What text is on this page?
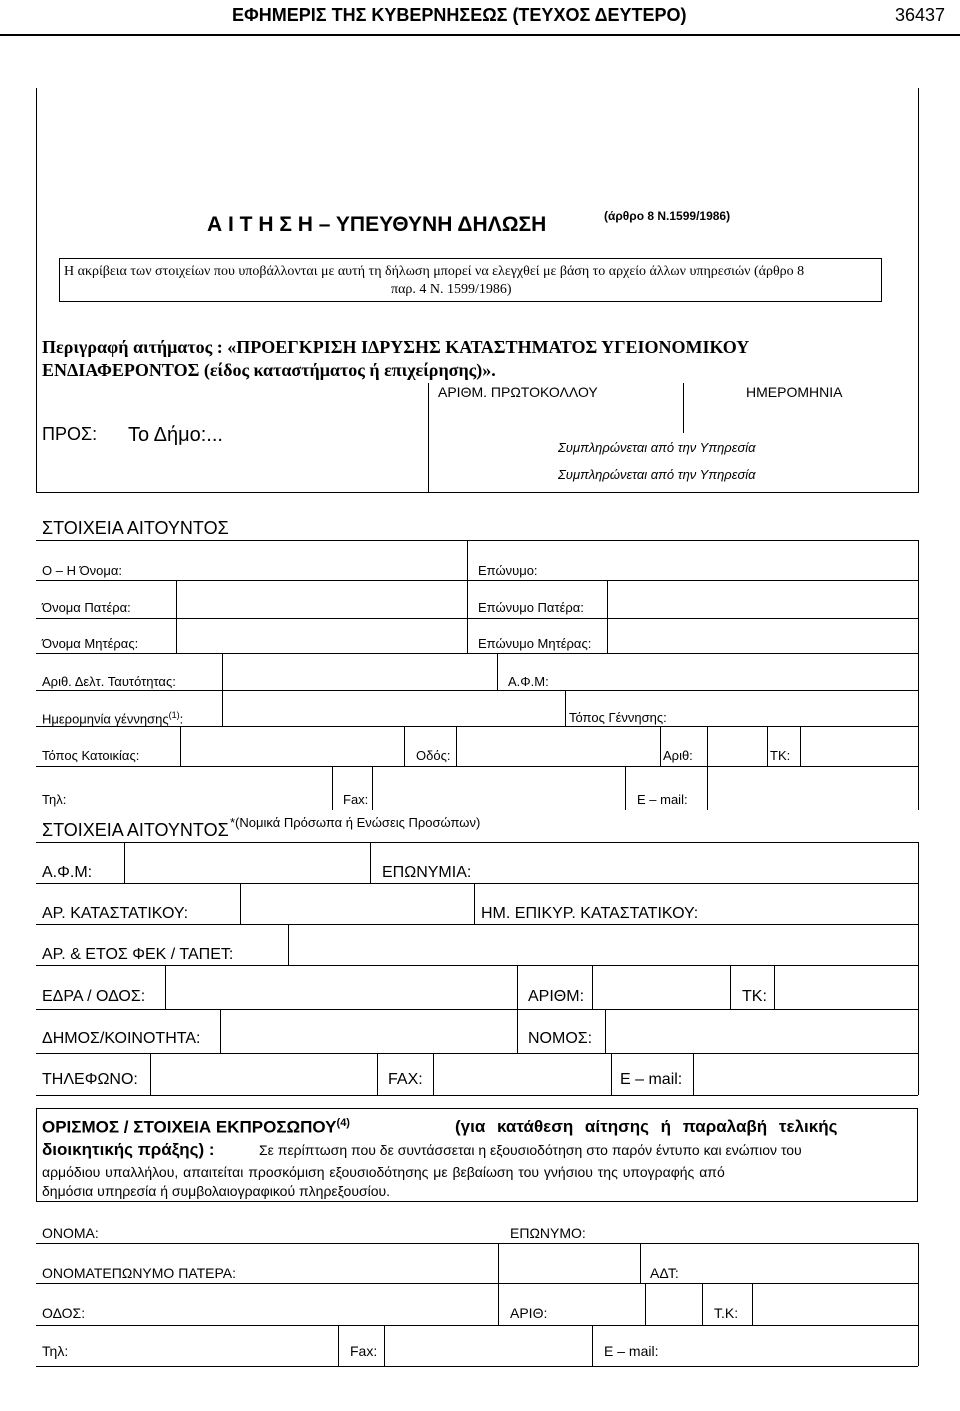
ΕΦΗΜΕΡΙΣ ΤΗΣ ΚΥΒΕΡΝΗΣΕΩΣ (ΤΕΥΧΟΣ ΔΕΥΤΕΡΟ)	36437
Α Ι Τ Η Σ Η – ΥΠΕΥΘΥΝΗ ΔΗΛΩΣΗ	(άρθρο 8 Ν.1599/1986)
Η ακρίβεια των στοιχείων που υποβάλλονται με αυτή τη δήλωση μπορεί να ελεγχθεί με βάση το αρχείο άλλων υπηρεσιών (άρθρο 8
παρ. 4 Ν. 1599/1986)
Περιγραφή αιτήματος : «ΠΡΟΕΓΚΡΙΣΗ ΙΔΡΥΣΗΣ ΚΑΤΑΣΤΗΜΑΤΟΣ ΥΓΕΙΟΝΟΜΙΚΟΥ
ΕΝΔΙΑΦΕΡΟΝΤΟΣ (είδος καταστήματος ή επιχείρησης)».
ΑΡΙΘΜ. ΠΡΩΤΟΚΟΛΛΟΥ	ΗΜΕΡΟΜΗΝΙΑ
ΠΡΟΣ: Το Δήμο:...
Συμπληρώνεται από την Υπηρεσία
Συμπληρώνεται από την Υπηρεσία
ΣΤΟΙΧΕΙΑ ΑΙΤΟΥΝΤΟΣ
Ο – Η Όνομα:	Επώνυμο:
Όνομα Πατέρα:	Επώνυμο Πατέρα:
Όνομα Μητέρας:	Επώνυμο Μητέρας:
Αριθ. Δελτ. Ταυτότητας:	Α.Φ.Μ:
Ημερομηνία γέννησης$^{(1)}$:	Τόπος Γέννησης:
Τόπος Κατοικίας:	Οδός:	Αριθ:	ΤΚ:
Τηλ:	Fax:	Ε – mail:
ΣΤΟΙΧΕΙΑ ΑΙΤΟΥΝΤΟΣ *(Νομικά Πρόσωπα ή Ενώσεις Προσώπων)
Α.Φ.Μ:	ΕΠΩΝΥΜΙΑ:
ΑΡ. ΚΑΤΑΣΤΑΤΙΚΟΥ:	ΗΜ. ΕΠΙΚΥΡ. ΚΑΤΑΣΤΑΤΙΚΟΥ:
ΑΡ. & ΕΤΟΣ ΦΕΚ / ΤΑΠΕΤ:
ΕΔΡΑ / ΟΔΟΣ:	ΑΡΙΘΜ:	ΤΚ:
ΔΗΜΟΣ/ΚΟΙΝΟΤΗΤΑ:	ΝΟΜΟΣ:
ΤΗΛΕΦΩΝΟ:	FAX:	Ε – mail:
ΟΡΙΣΜΟΣ / ΣΤΟΙΧΕΙΑ ΕΚΠΡΟΣΩΠΟΥ$^{(4)}$	(για κατάθεση αίτησης ή παραλαβή τελικής
διοικητικής πράξης) :	Σε περίπτωση που δε συντάσσεται η εξουσιοδότηση στο παρόν έντυπο και ενώπιον του
αρμόδιου υπαλλήλου, απαιτείται προσκόμιση εξουσιοδότησης με βεβαίωση του γνήσιου της υπογραφής από
δημόσια υπηρεσία ή συμβολαιογραφικού πληρεξουσίου.
ΟΝΟΜΑ:	ΕΠΩΝΥΜΟ:
ΟΝΟΜΑΤΕΠΩΝΥΜΟ ΠΑΤΕΡΑ:	ΑΔΤ:
ΟΔΟΣ:	ΑΡΙΘ:	Τ.Κ:
Τηλ:	Fax:	Ε – mail:
